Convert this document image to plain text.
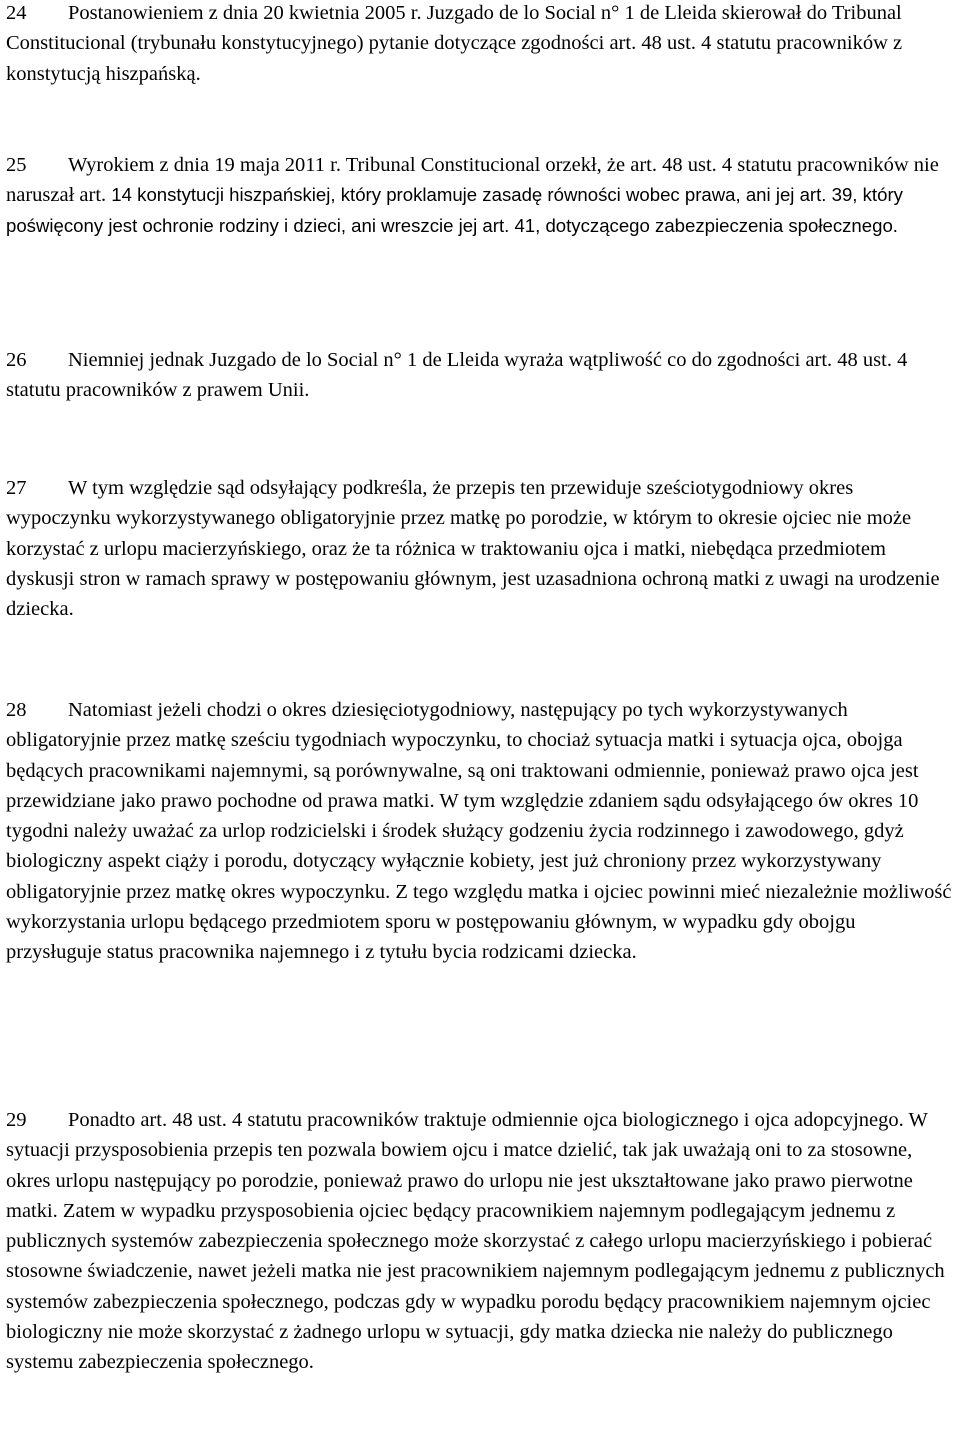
24 Postanowieniem z dnia 20 kwietnia 2005 r. Juzgado de lo Social n° 1 de Lleida skierował do Tribunal Constitucional (trybunału konstytucyjnego) pytanie dotyczące zgodności art. 48 ust. 4 statutu pracowników z konstytucją hiszpańską.

25 Wyrokiem z dnia 19 maja 2011 r. Tribunal Constitucional orzekł, że art. 48 ust. 4 statutu pracowników nie naruszał art. 14 konstytucji hiszpańskiej, który proklamuje zasadę równości wobec prawa, ani jej art. 39, który poświęcony jest ochronie rodziny i dzieci, ani wreszcie jej art. 41, dotyczącego zabezpieczenia społecznego.

26 Niemniej jednak Juzgado de lo Social n° 1 de Lleida wyraża wątpliwość co do zgodności art. 48 ust. 4 statutu pracowników z prawem Unii.

27 W tym względzie sąd odsyłający podkreśla, że przepis ten przewiduje sześciotygodniowy okres wypoczynku wykorzystywanego obligatoryjnie przez matkę po porodzie, w którym to okresie ojciec nie może korzystać z urlopu macierzyńskiego, oraz że ta różnica w traktowaniu ojca i matki, niebędąca przedmiotem dyskusji stron w ramach sprawy w postępowaniu głównym, jest uzasadniona ochroną matki z uwagi na urodzenie dziecka.

28 Natomiast jeżeli chodzi o okres dziesięciotygodniowy, następujący po tych wykorzystywanych obligatoryjnie przez matkę sześciu tygodniach wypoczynku, to chociaż sytuacja matki i sytuacja ojca, obojga będących pracownikami najemnymi, są porównywalne, są oni traktowani odmiennie, ponieważ prawo ojca jest przewidziane jako prawo pochodne od prawa matki. W tym względzie zdaniem sądu odsyłającego ów okres 10 tygodni należy uważać za urlop rodzicielski i środek służący godzeniu życia rodzinnego i zawodowego, gdyż biologiczny aspekt ciąży i porodu, dotyczący wyłącznie kobiety, jest już chroniony przez wykorzystywany obligatoryjnie przez matkę okres wypoczynku. Z tego względu matka i ojciec powinni mieć niezależnie możliwość wykorzystania urlopu będącego przedmiotem sporu w postępowaniu głównym, w wypadku gdy obojgu przysługuje status pracownika najemnego i z tytułu bycia rodzicami dziecka.

29 Ponadto art. 48 ust. 4 statutu pracowników traktuje odmiennie ojca biologicznego i ojca adopcyjnego. W sytuacji przysposobienia przepis ten pozwala bowiem ojcu i matce dzielić, tak jak uważają oni to za stosowne, okres urlopu następujący po porodzie, ponieważ prawo do urlopu nie jest ukształtowane jako prawo pierwotne matki. Zatem w wypadku przysposobienia ojciec będący pracownikiem najemnym podlegającym jednemu z publicznych systemów zabezpieczenia społecznego może skorzystać z całego urlopu macierzyńskiego i pobierać stosowne świadczenie, nawet jeżeli matka nie jest pracownikiem najemnym podlegającym jednemu z publicznych systemów zabezpieczenia społecznego, podczas gdy w wypadku porodu będący pracownikiem najemnym ojciec biologiczny nie może skorzystać z żadnego urlopu w sytuacji, gdy matka dziecka nie należy do publicznego systemu zabezpieczenia społecznego.
